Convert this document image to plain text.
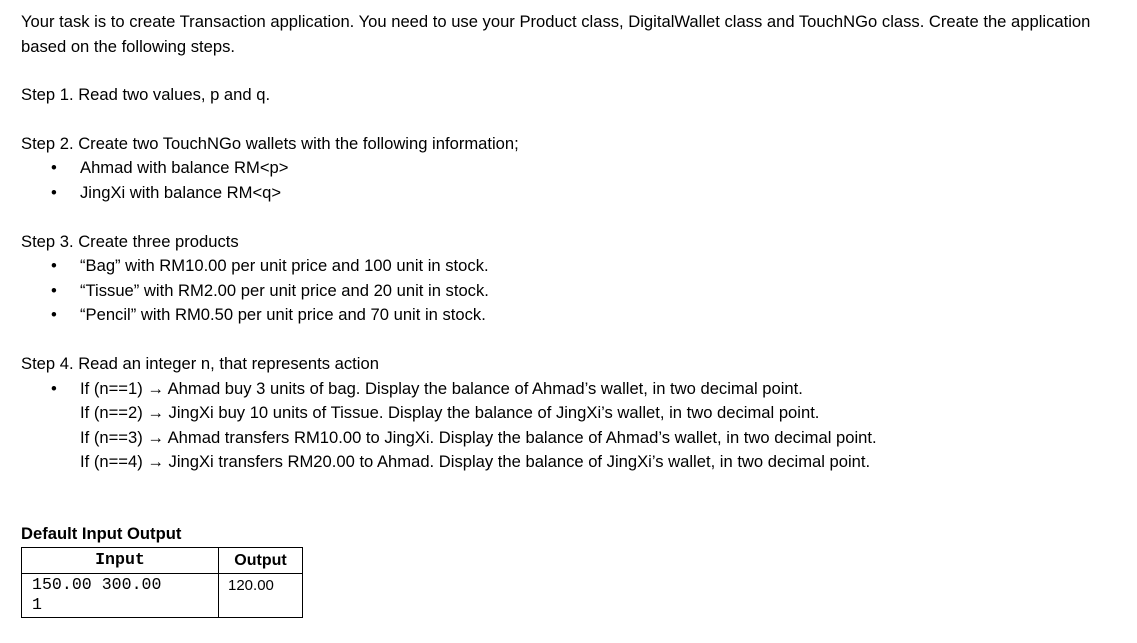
Your task is to create Transaction application. You need to use your Product class, DigitalWallet class and TouchNGo class. Create the application based on the following steps.

Step 1. Read two values, p and q.

Step 2. Create two TouchNGo wallets with the following information;

• Ahmad with balance RM<p>
• JingXi with balance RM<q>

Step 3. Create three products

• “Bag” with RM10.00 per unit price and 100 unit in stock.
• “Tissue” with RM2.00 per unit price and 20 unit in stock.
• “Pencil” with RM0.50 per unit price and 70 unit in stock.

Step 4. Read an integer n, that represents action

• If (n==1) → Ahmad buy 3 units of bag. Display the balance of Ahmad’s wallet, in two decimal point.
If (n==2) → JingXi buy 10 units of Tissue. Display the balance of JingXi’s wallet, in two decimal point.
If (n==3) → Ahmad transfers RM10.00 to JingXi. Display the balance of Ahmad’s wallet, in two decimal point.
If (n==4) → JingXi transfers RM20.00 to Ahmad. Display the balance of JingXi’s wallet, in two decimal point.
Default Input Output
Input	Output

150.00 300.00
1	120.00
